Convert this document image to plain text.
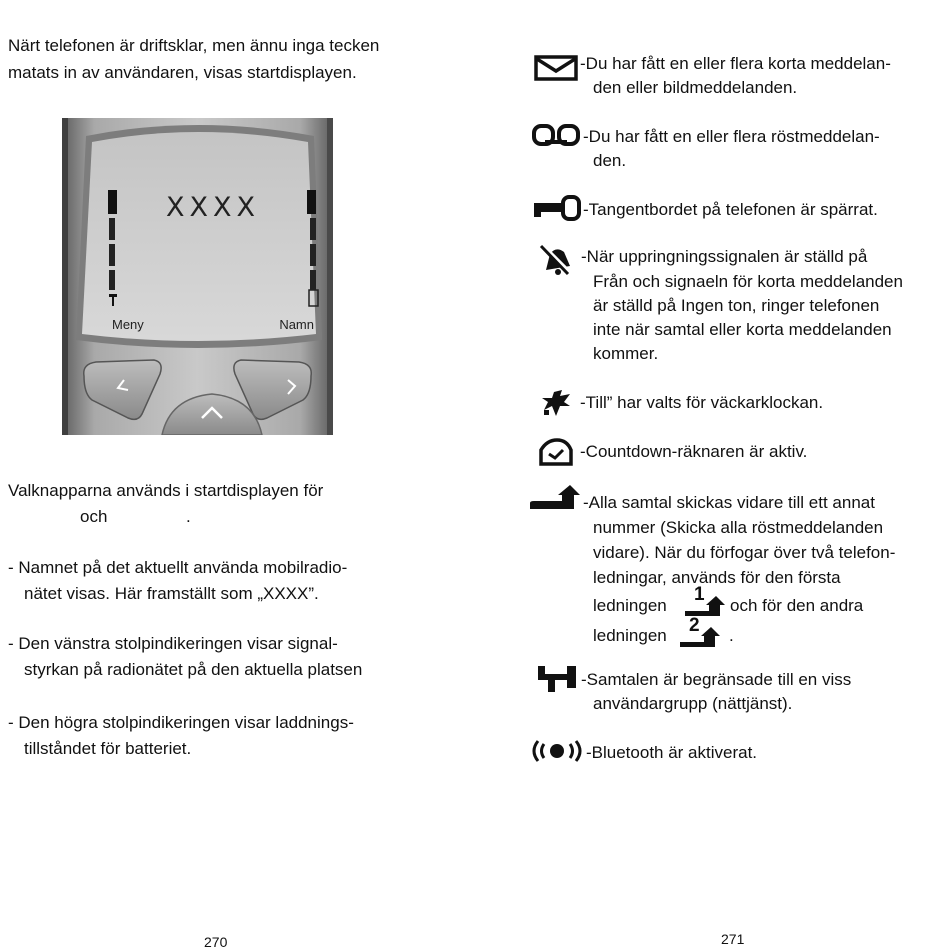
Närt telefonen är driftsklar, men ännu inga tecken
matats in av användaren, visas startdisplayen.
XXXX
Meny	Namn
Valknapparna används i startdisplayen för
och	.
- Namnet på det aktuellt använda mobilradio-
nätet visas. Här framställt som „XXXX”.
- Den vänstra stolpindikeringen visar signal-
styrkan på radionätet på den aktuella platsen
- Den högra stolpindikeringen visar laddnings-
tillståndet för batteriet.
270
-Du har fått en eller flera korta meddelan-
den eller bildmeddelanden.
-Du har fått en eller flera röstmeddelan-
den.
-Tangentbordet på telefonen är spärrat.
-När uppringningssignalen är ställd på
Från och signaeln för korta meddelanden
är ställd på Ingen ton, ringer telefonen
inte när samtal eller korta meddelanden
kommer.
-Till” har valts för väckarklockan.
-Countdown-räknaren är aktiv.
-Alla samtal skickas vidare till ett annat
nummer (Skicka alla röstmeddelanden
vidare). När du förfogar över två telefon-
ledningar, används för den första
ledningen
1
och för den andra
ledningen 2 .
-Samtalen är begränsade till en viss
användargrupp (nättjänst).
-Bluetooth är aktiverat.
271
